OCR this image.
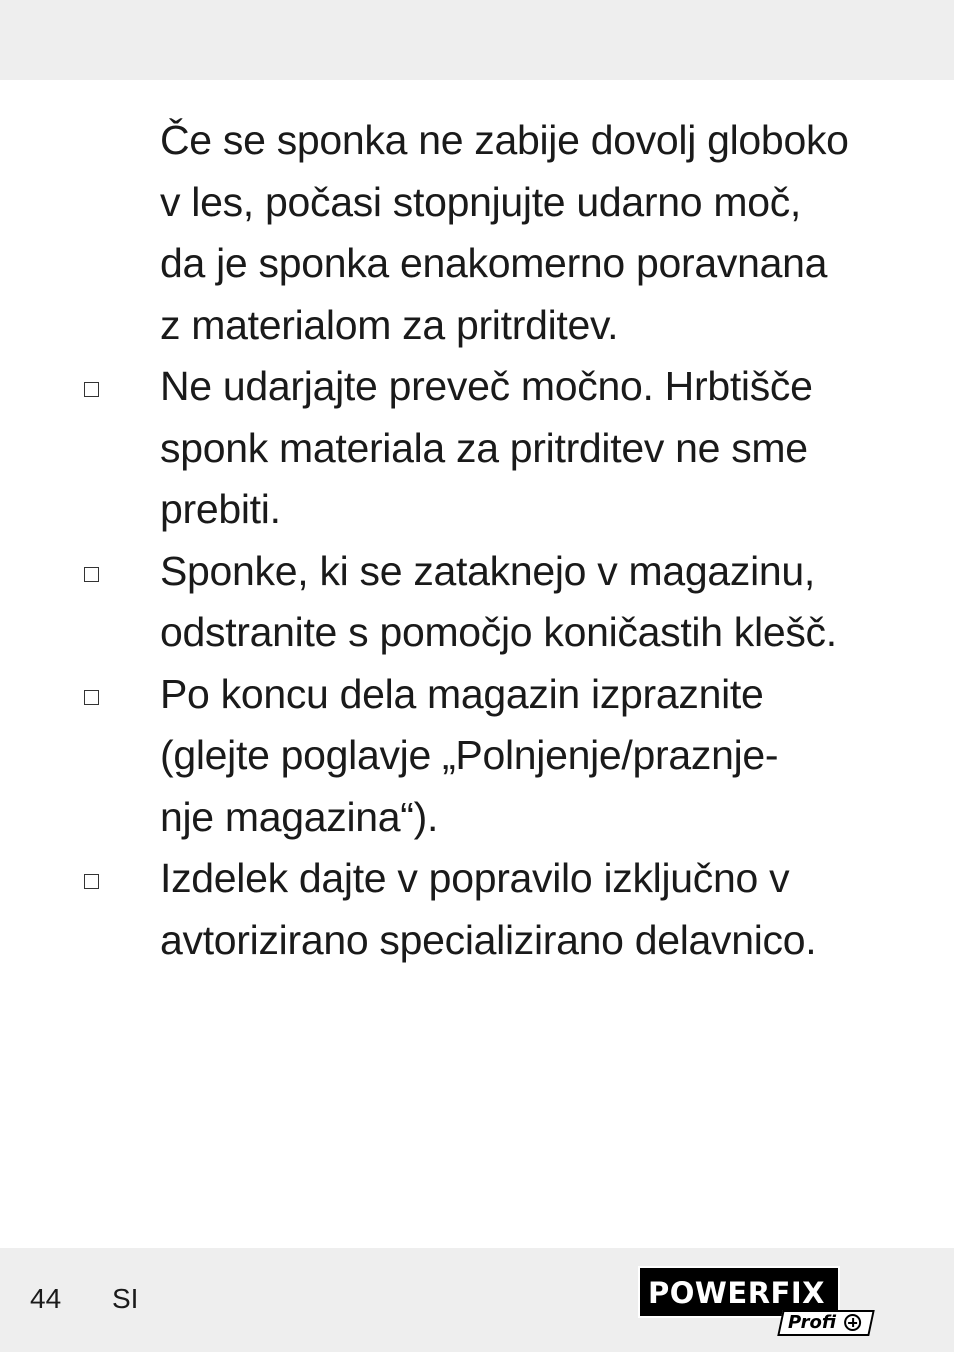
Če se sponka ne zabije dovolj globoko
v les, počasi stopnjujte udarno moč,
da je sponka enakomerno poravnana
z materialom za pritrditev.
Ne udarjajte preveč močno. Hrbtišče
sponk materiala za pritrditev ne sme
prebiti.
Sponke, ki se zataknejo v magazinu,
odstranite s pomočjo koničastih klešč.
Po koncu dela magazin izpraznite
(glejte poglavje „Polnjenje/praznje-
nje magazina“).
Izdelek dajte v popravilo izključno v
avtorizirano specializirano delavnico.
44 SI	POWERFIX
®
Profi
